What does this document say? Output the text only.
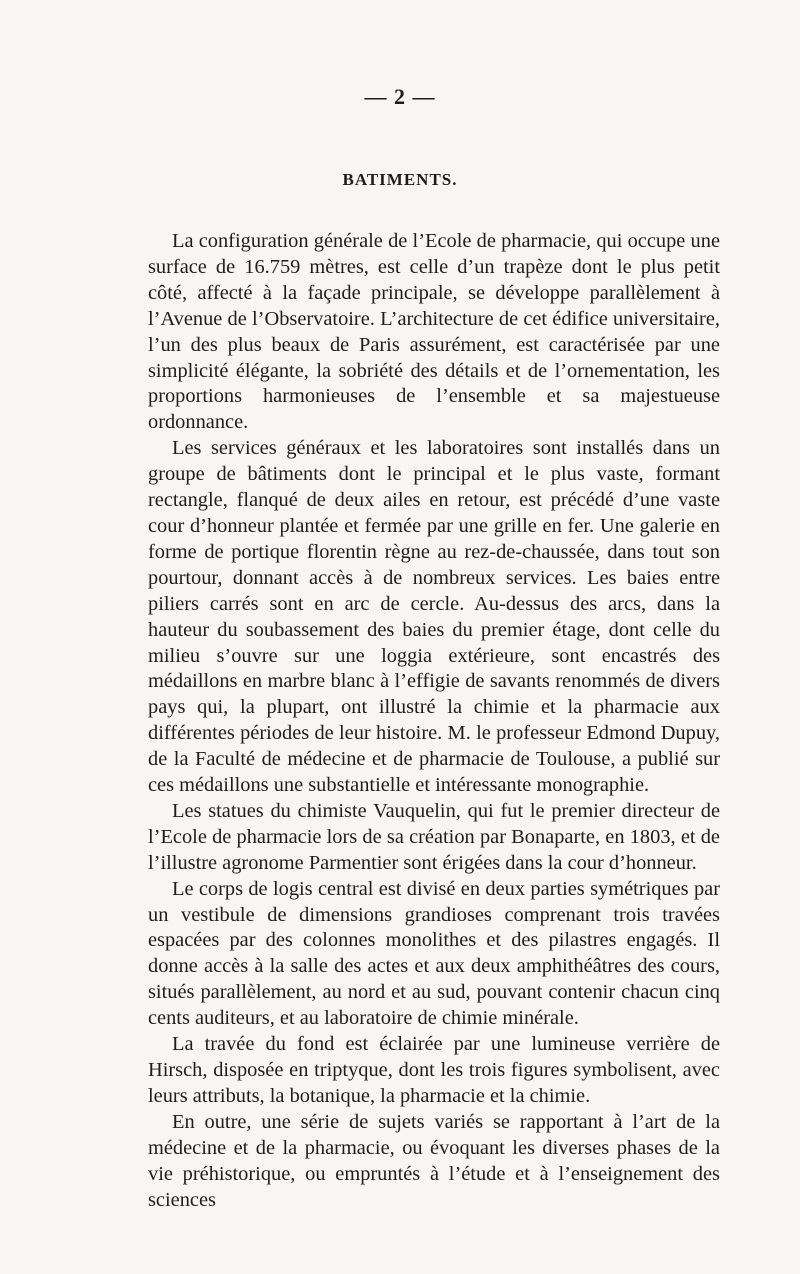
— 2 —
BATIMENTS.

La configuration générale de l’Ecole de pharmacie, qui occupe une surface de 16.759 mètres, est celle d’un trapèze dont le plus petit côté, affecté à la façade principale, se développe parallèlement à l’Avenue de l’Observatoire. L’architecture de cet édifice universitaire, l’un des plus beaux de Paris assurément, est caractérisée par une simplicité élégante, la sobriété des détails et de l’ornementation, les proportions harmonieuses de l’ensemble et sa majestueuse ordonnance.

Les services généraux et les laboratoires sont installés dans un groupe de bâtiments dont le principal et le plus vaste, formant rectangle, flanqué de deux ailes en retour, est précédé d’une vaste cour d’honneur plantée et fermée par une grille en fer. Une galerie en forme de portique florentin règne au rez-de-chaussée, dans tout son pourtour, donnant accès à de nombreux services. Les baies entre piliers carrés sont en arc de cercle. Au-dessus des arcs, dans la hauteur du soubassement des baies du premier étage, dont celle du milieu s’ouvre sur une loggia extérieure, sont encastrés des médaillons en marbre blanc à l’effigie de savants renommés de divers pays qui, la plupart, ont illustré la chimie et la pharmacie aux différentes périodes de leur histoire. M. le professeur Edmond Dupuy, de la Faculté de médecine et de pharmacie de Toulouse, a publié sur ces médaillons une substantielle et intéressante monographie.

Les statues du chimiste Vauquelin, qui fut le premier directeur de l’Ecole de pharmacie lors de sa création par Bonaparte, en 1803, et de l’illustre agronome Parmentier sont érigées dans la cour d’honneur.

Le corps de logis central est divisé en deux parties symétriques par un vestibule de dimensions grandioses comprenant trois travées espacées par des colonnes monolithes et des pilastres engagés. Il donne accès à la salle des actes et aux deux amphithéâtres des cours, situés parallèlement, au nord et au sud, pouvant contenir chacun cinq cents auditeurs, et au laboratoire de chimie minérale.

La travée du fond est éclairée par une lumineuse verrière de Hirsch, disposée en triptyque, dont les trois figures symbolisent, avec leurs attributs, la botanique, la pharmacie et la chimie.

En outre, une série de sujets variés se rapportant à l’art de la médecine et de la pharmacie, ou évoquant les diverses phases de la vie préhistorique, ou empruntés à l’étude et à l’enseignement des sciences
